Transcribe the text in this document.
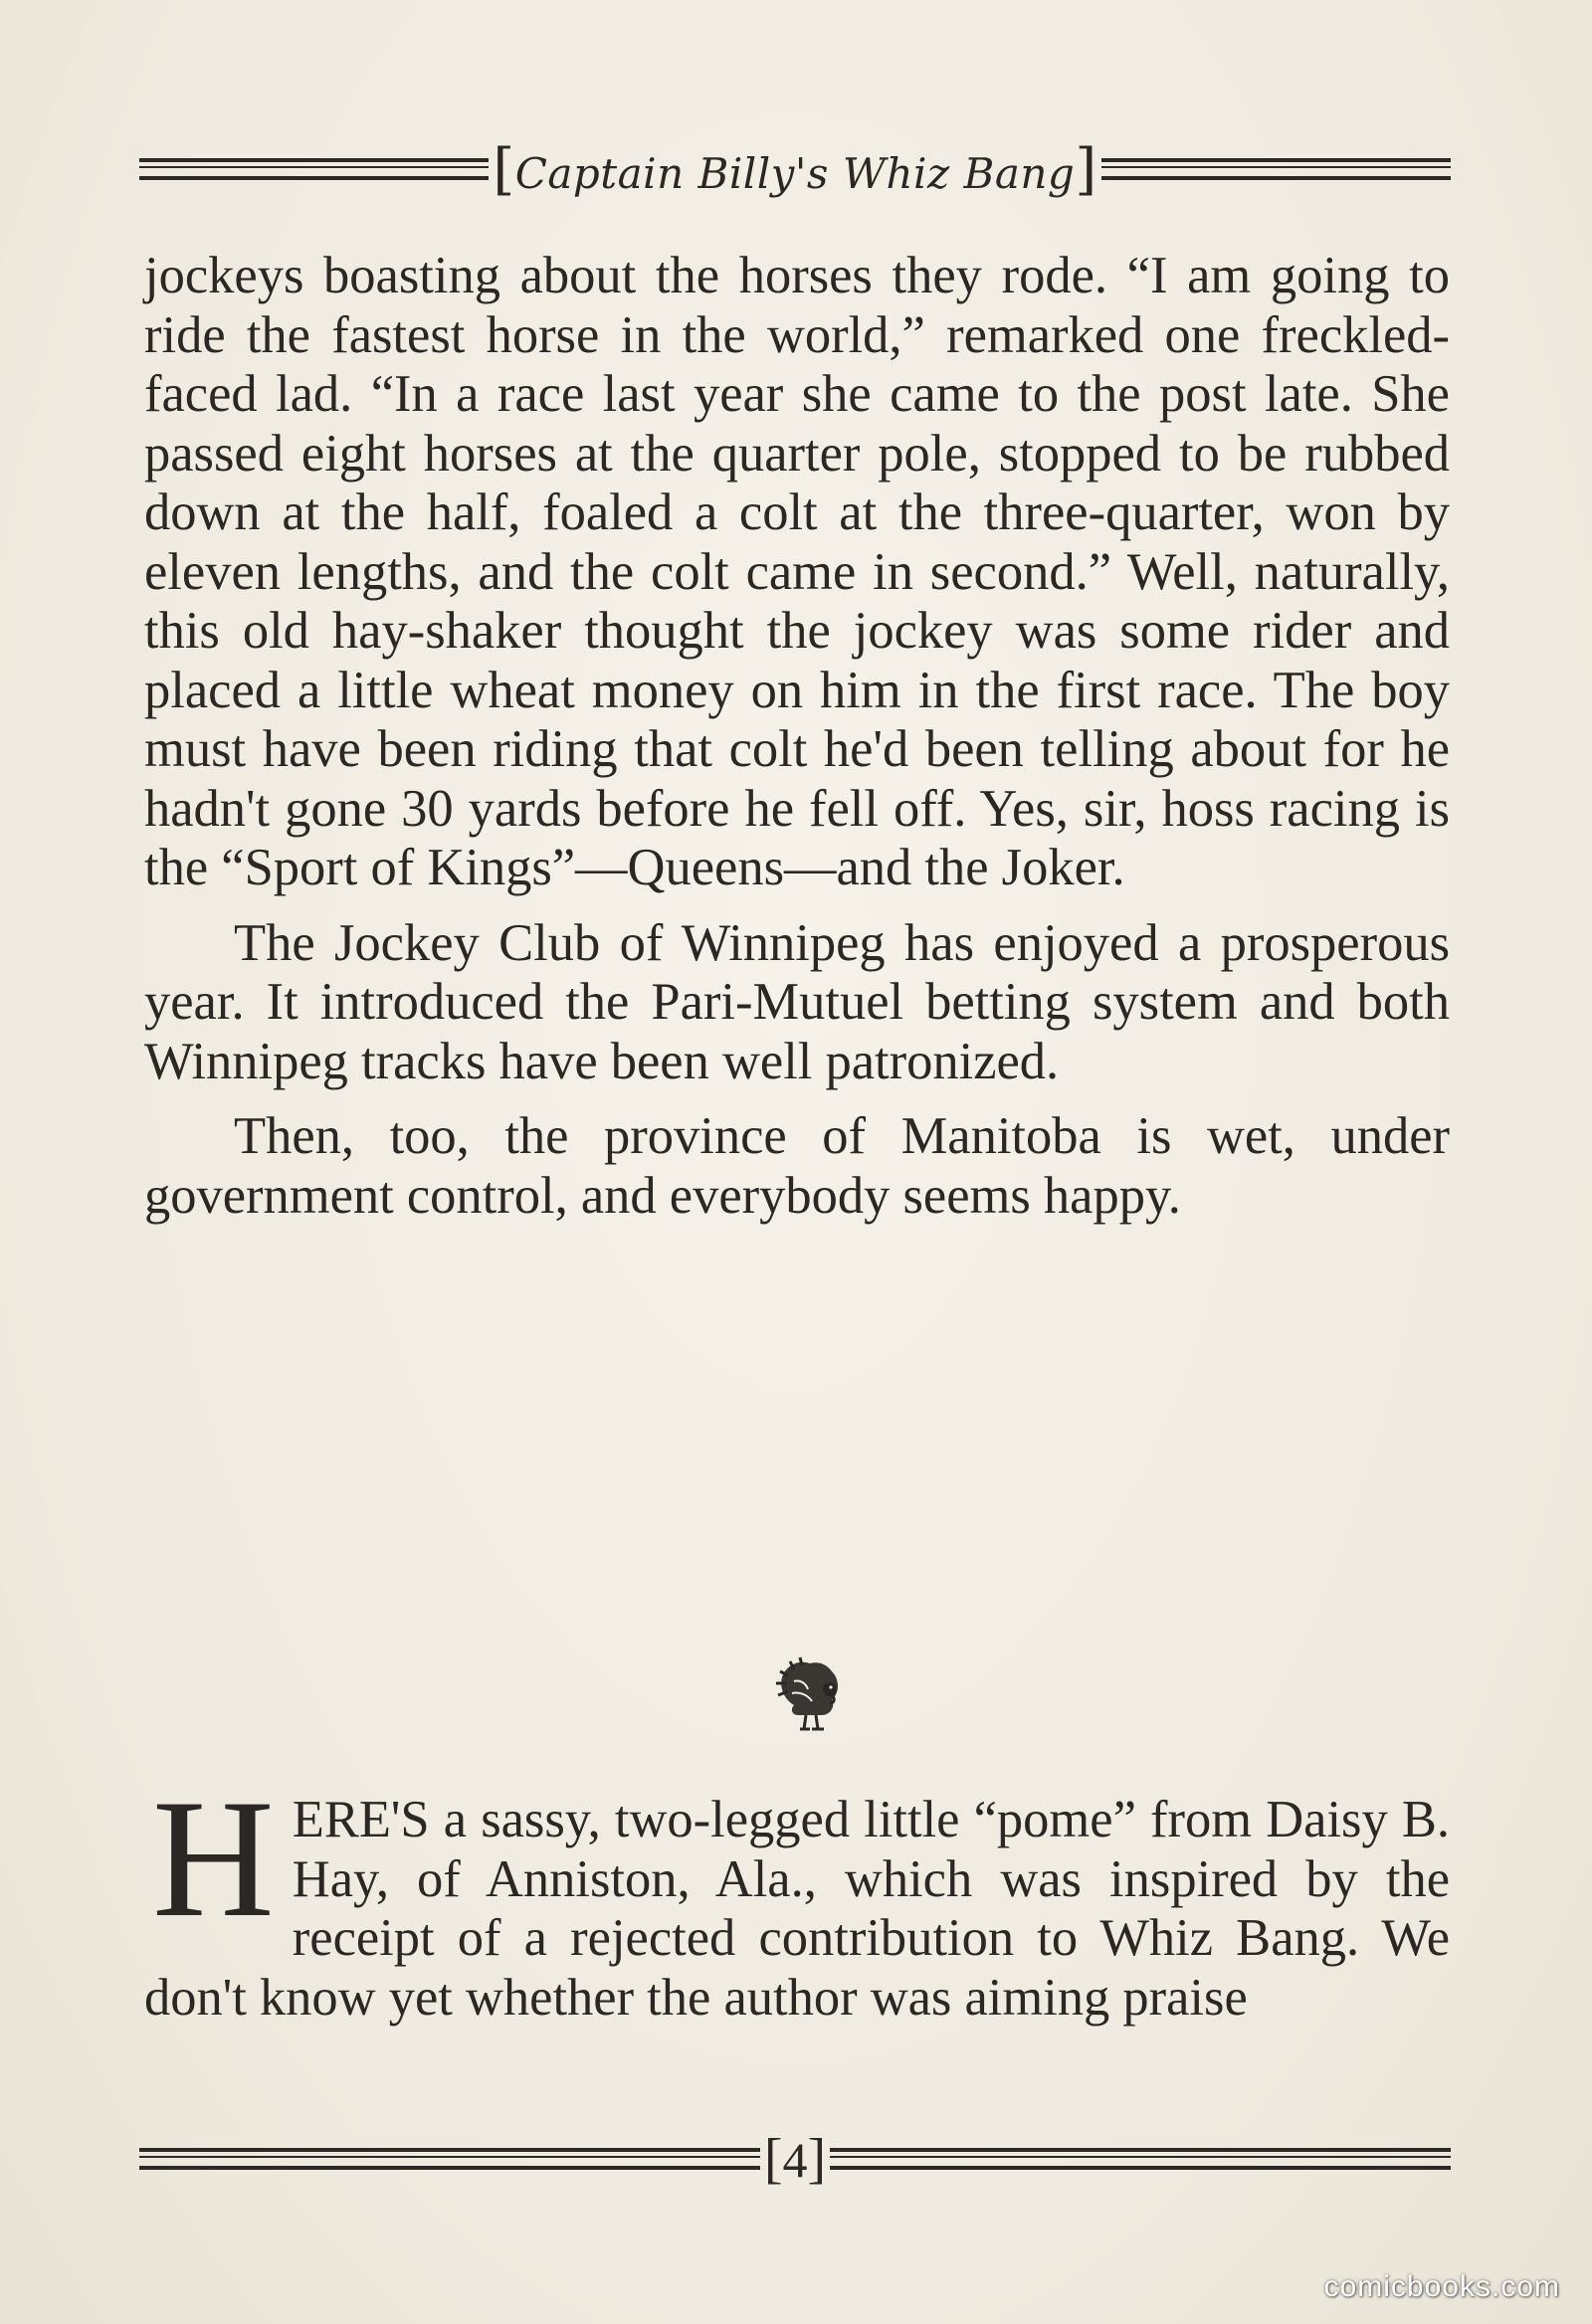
[Captain Billy's Whiz Bang]

jockeys boasting about the horses they rode. “I am going to ride the fastest horse in the world,” remarked one freckled-faced lad. “In a race last year she came to the post late. She passed eight horses at the quarter pole, stopped to be rubbed down at the half, foaled a colt at the three-quarter, won by eleven lengths, and the colt came in second.” Well, naturally, this old hay-shaker thought the jockey was some rider and placed a little wheat money on him in the first race. The boy must have been riding that colt he'd been telling about for he hadn't gone 30 yards before he fell off. Yes, sir, hoss racing is the “Sport of Kings”—Queens—and the Joker.

The Jockey Club of Winnipeg has enjoyed a prosperous year. It introduced the Pari-Mutuel betting system and both Winnipeg tracks have been well patronized.

Then, too, the province of Manitoba is wet, under government control, and everybody seems happy.

H ERE'S a sassy, two-legged little “pome” from Daisy B. Hay, of Anniston, Ala., which was inspired by the receipt of a rejected contribution to Whiz Bang. We don't know yet whether the author was aiming praise

[4]
comicbooks.com
